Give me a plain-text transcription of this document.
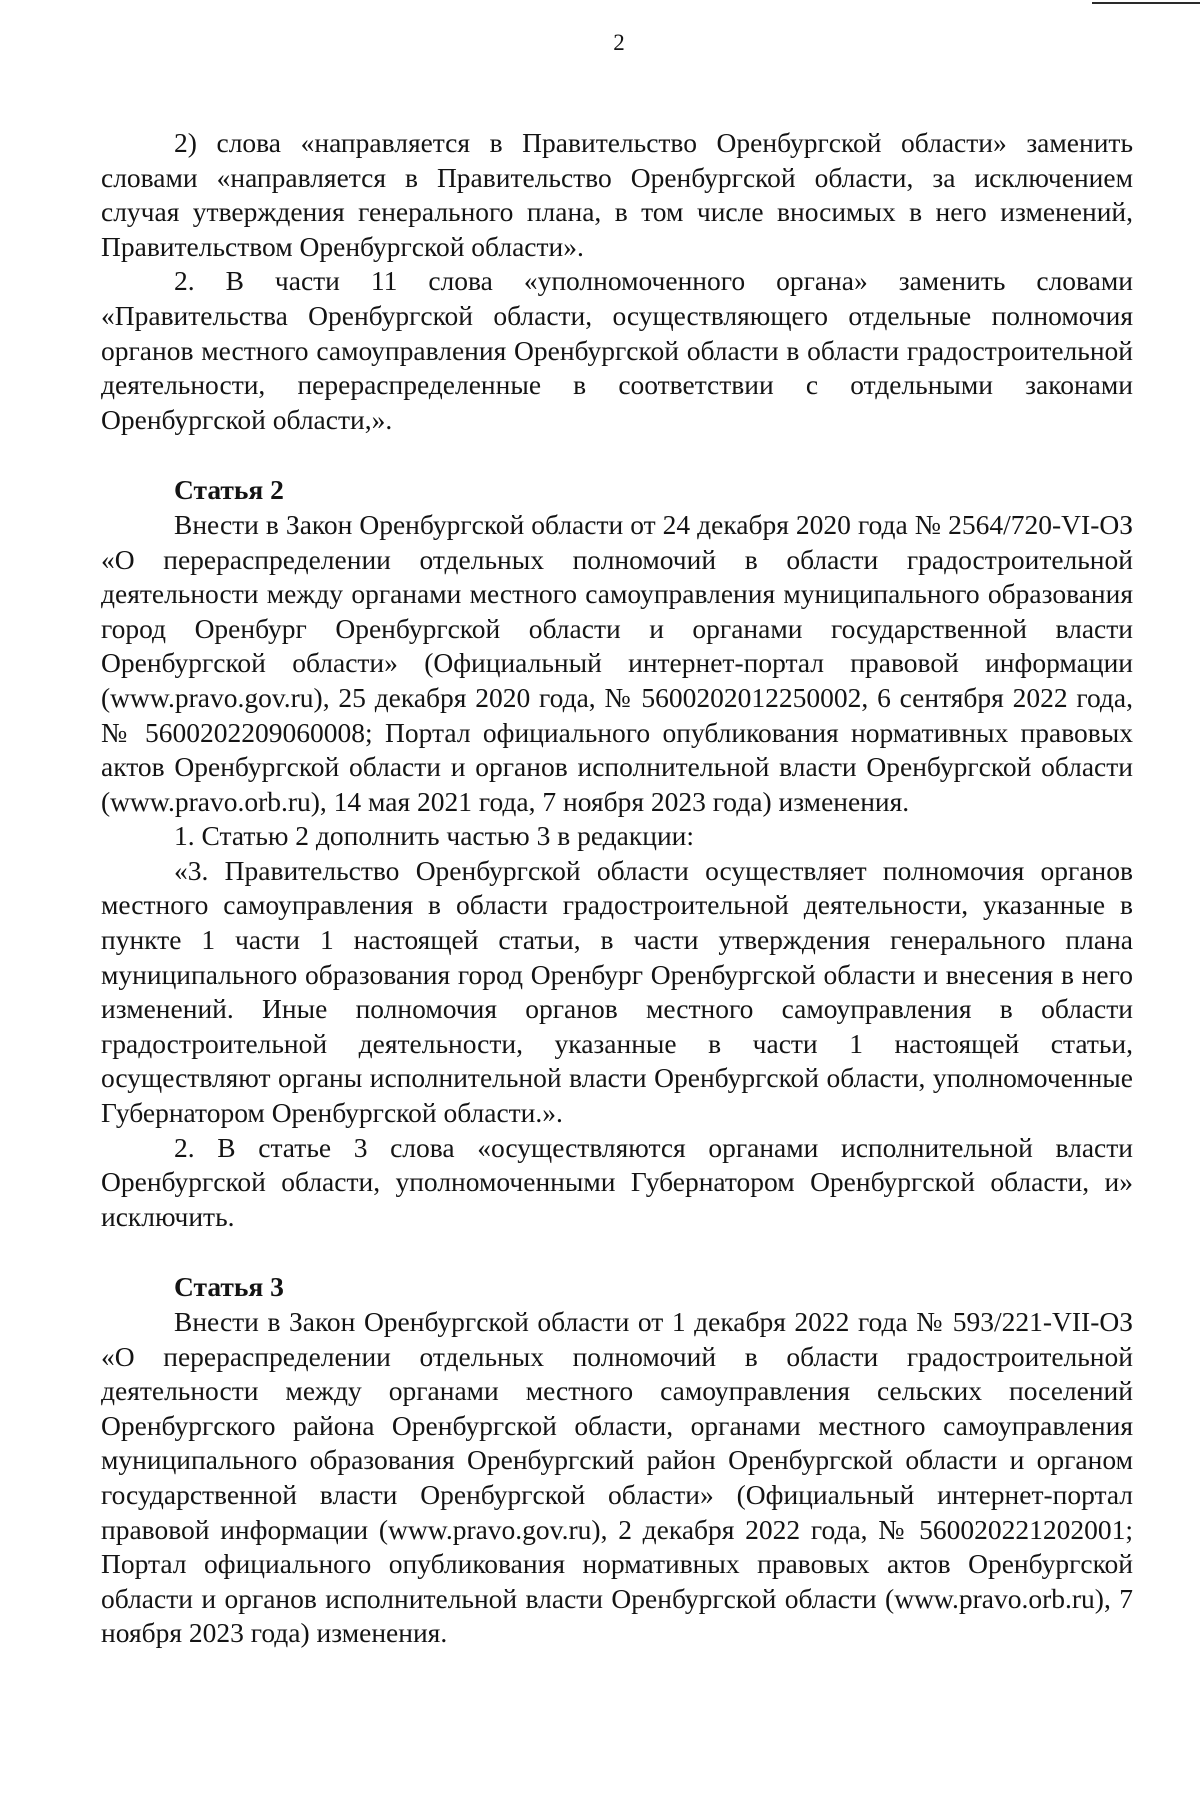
2

2) слова «направляется в Правительство Оренбургской области» заменить словами «направляется в Правительство Оренбургской области, за исключением случая утверждения генерального плана, в том числе вносимых в него изменений, Правительством Оренбургской области».

2. В части 11 слова «уполномоченного органа» заменить словами «Правительства Оренбургской области, осуществляющего отдельные полномочия органов местного самоуправления Оренбургской области в области градостроительной деятельности, перераспределенные в соответствии с отдельными законами Оренбургской области,».

Статья 2

Внести в Закон Оренбургской области от 24 декабря 2020 года № 2564/720-VI-ОЗ «О перераспределении отдельных полномочий в области градостроительной деятельности между органами местного самоуправления муниципального образования город Оренбург Оренбургской области и органами государственной власти Оренбургской области» (Официальный интернет-портал правовой информации (www.pravo.gov.ru), 25 декабря 2020 года, № 5600202012250002, 6 сентября 2022 года, № 5600202209060008; Портал официального опубликования нормативных правовых актов Оренбургской области и органов исполнительной власти Оренбургской области (www.pravo.orb.ru), 14 мая 2021 года, 7 ноября 2023 года) изменения.

1. Статью 2 дополнить частью 3 в редакции:

«3. Правительство Оренбургской области осуществляет полномочия органов местного самоуправления в области градостроительной деятельности, указанные в пункте 1 части 1 настоящей статьи, в части утверждения генерального плана муниципального образования город Оренбург Оренбургской области и внесения в него изменений. Иные полномочия органов местного самоуправления в области градостроительной деятельности, указанные в части 1 настоящей статьи, осуществляют органы исполнительной власти Оренбургской области, уполномоченные Губернатором Оренбургской области.».

2. В статье 3 слова «осуществляются органами исполнительной власти Оренбургской области, уполномоченными Губернатором Оренбургской области, и» исключить.

Статья 3

Внести в Закон Оренбургской области от 1 декабря 2022 года № 593/221-VII-ОЗ «О перераспределении отдельных полномочий в области градостроительной деятельности между органами местного самоуправления сельских поселений Оренбургского района Оренбургской области, органами местного самоуправления муниципального образования Оренбургский район Оренбургской области и органом государственной власти Оренбургской области» (Официальный интернет-портал правовой информации (www.pravo.gov.ru), 2 декабря 2022 года, № 560020221202001; Портал официального опубликования нормативных правовых актов Оренбургской области и органов исполнительной власти Оренбургской области (www.pravo.orb.ru), 7 ноября 2023 года) изменения.
